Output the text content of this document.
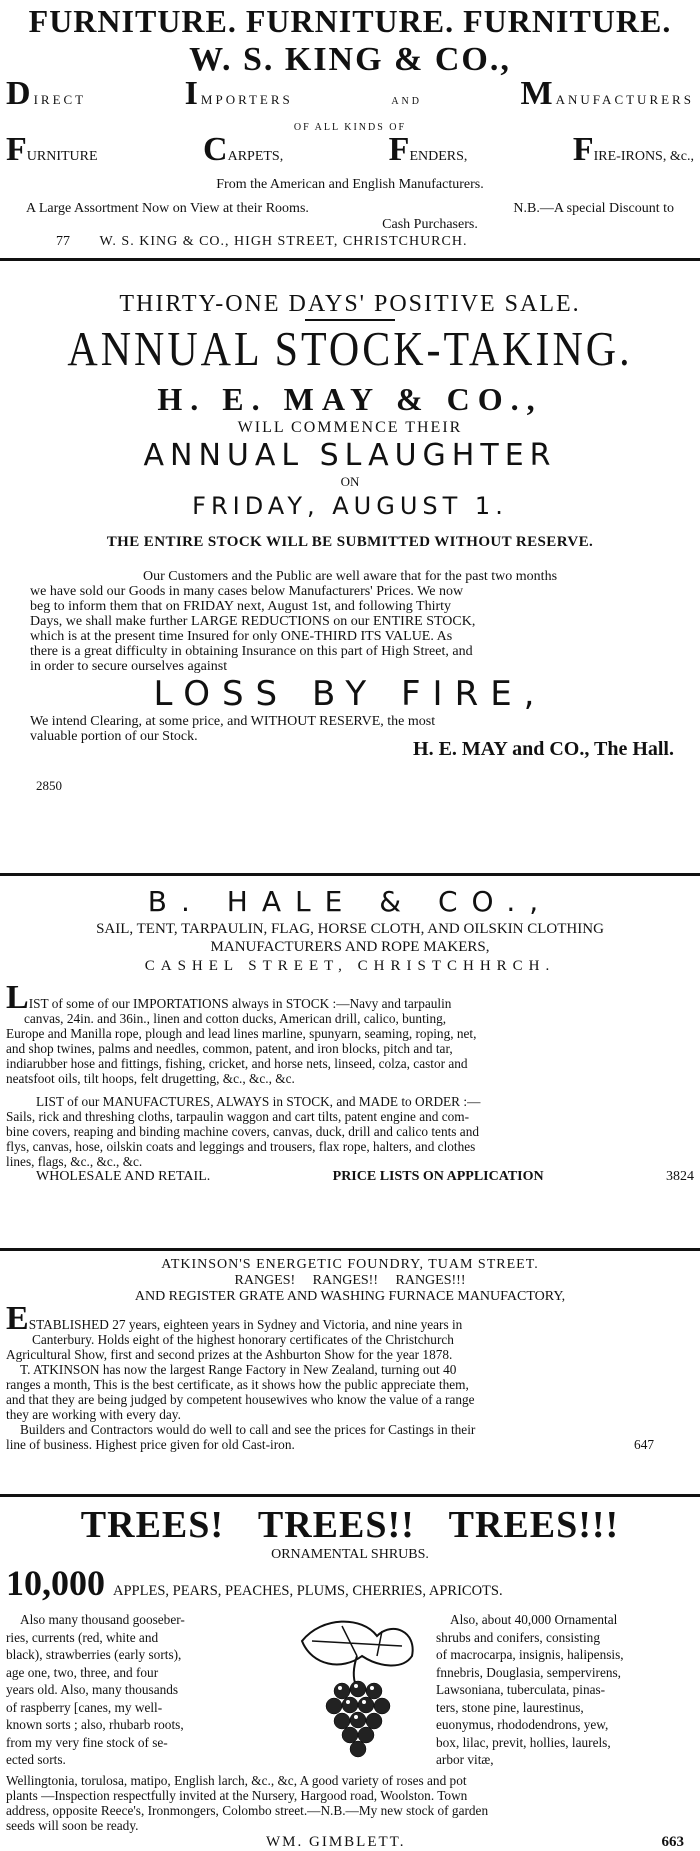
FURNITURE. FURNITURE. FURNITURE.
W. S. KING & CO.,
DIRECT	IMPORTERS	AND	MANUFACTURERS
OF ALL KINDS OF
FURNITURE	CARPETS,	FENDERS,	FIRE-IRONS, &c.,
From the American and English Manufacturers.
A Large Assortment Now on View at their Rooms.	N.B.—A special Discount to
Cash Purchasers.
77 W. S. KING & CO., HIGH STREET, CHRISTCHURCH.
THIRTY-ONE DAYS' POSITIVE SALE.
ANNUAL STOCK-TAKING.
H. E. MAY & CO.,
WILL COMMENCE THEIR
ANNUAL SLAUGHTER
ON
FRIDAY, AUGUST 1.
THE ENTIRE STOCK WILL BE SUBMITTED WITHOUT RESERVE.
Our Customers and the Public are well aware that for the past two months
we have sold our Goods in many cases below Manufacturers' Prices. We now
beg to inform them that on FRIDAY next, August 1st, and following Thirty
Days, we shall make further LARGE REDUCTIONS on our ENTIRE STOCK,
which is at the present time Insured for only ONE-THIRD ITS VALUE. As
there is a great difficulty in obtaining Insurance on this part of High Street, and
in order to secure ourselves against
LOSS BY FIRE,
We intend Clearing, at some price, and WITHOUT RESERVE, the most
valuable portion of our Stock.
H. E. MAY and CO., The Hall.
2850
B. HALE & CO.,
SAIL, TENT, TARPAULIN, FLAG, HORSE CLOTH, AND OILSKIN CLOTHING
MANUFACTURERS AND ROPE MAKERS,
CASHEL STREET, CHRISTCHHRCH.
LIST of some of our IMPORTATIONS always in STOCK :—Navy and tarpaulin
canvas, 24in. and 36in., linen and cotton ducks, American drill, calico, bunting,
Europe and Manilla rope, plough and lead lines marline, spunyarn, seaming, roping, net,
and shop twines, palms and needles, common, patent, and iron blocks, pitch and tar,
indiarubber hose and fittings, fishing, cricket, and horse nets, linseed, colza, castor and
neatsfoot oils, tilt hoops, felt drugetting, &c., &c., &c.
LIST of our MANUFACTURES, ALWAYS in STOCK, and MADE to ORDER :—
Sails, rick and threshing cloths, tarpaulin waggon and cart tilts, patent engine and com-
bine covers, reaping and binding machine covers, canvas, duck, drill and calico tents and
flys, canvas, hose, oilskin coats and leggings and trousers, flax rope, halters, and clothes
lines, flags, &c., &c., &c.
WHOLESALE AND RETAIL.	PRICE LISTS ON APPLICATION	3824
ATKINSON'S ENERGETIC FOUNDRY, TUAM STREET.
RANGES! RANGES!! RANGES!!!
AND REGISTER GRATE AND WASHING FURNACE MANUFACTORY,
ESTABLISHED 27 years, eighteen years in Sydney and Victoria, and nine years in
Canterbury. Holds eight of the highest honorary certificates of the Christchurch
Agricultural Show, first and second prizes at the Ashburton Show for the year 1878.
T. ATKINSON has now the largest Range Factory in New Zealand, turning out 40
ranges a month, This is the best certificate, as it shows how the public appreciate them,
and that they are being judged by competent housewives who know the value of a range
they are working with every day.
Builders and Contractors would do well to call and see the prices for Castings in their
line of business. Highest price given for old Cast-iron.	647
TREES! TREES!! TREES!!!
ORNAMENTAL SHRUBS.
10,000 APPLES, PEARS, PEACHES, PLUMS, CHERRIES, APRICOTS.
Also many thousand gooseber-
ries, currents (red, white and
black), strawberries (early sorts),
age one, two, three, and four
years old. Also, many thousands
of raspberry [canes, my well-
known sorts ; also, rhubarb roots,
from my very fine stock of se-
ected sorts.
Also, about 40,000 Ornamental
shrubs and conifers, consisting
of macrocarpa, insignis, halipensis,
fnnebris, Douglasia, sempervirens,
Lawsoniana, tuberculata, pinas-
ters, stone pine, laurestinus,
euonymus, rhododendrons, yew,
box, lilac, previt, hollies, laurels,
arbor vitæ,
Wellingtonia, torulosa, matipo, English larch, &c., &c, A good variety of roses and pot
plants —Inspection respectfully invited at the Nursery, Hargood road, Woolston. Town
address, opposite Reece's, Ironmongers, Colombo street.—N.B.—My new stock of garden
seeds will soon be ready.
WM. GIMBLETT.	663
